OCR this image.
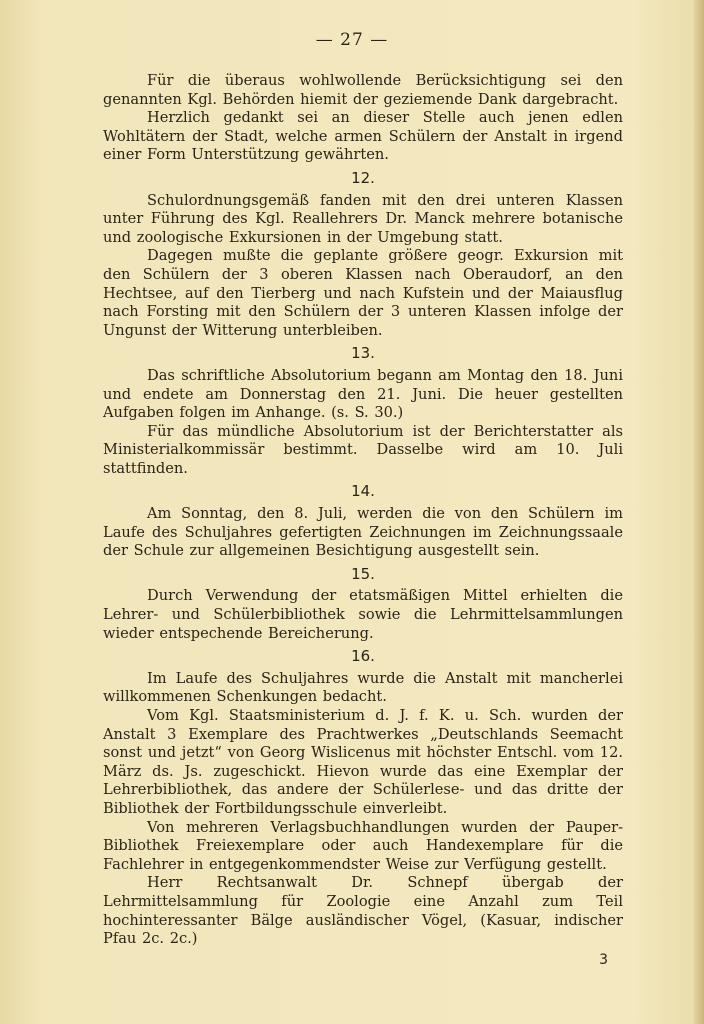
— 27 —

Für die überaus wohlwollende Berücksichtigung sei den genannten Kgl. Behörden hiemit der geziemende Dank dargebracht.

Herzlich gedankt sei an dieser Stelle auch jenen edlen Wohltätern der Stadt, welche armen Schülern der Anstalt in irgend einer Form Unterstützung gewährten.

12.

Schulordnungsgemäß fanden mit den drei unteren Klassen unter Führung des Kgl. Reallehrers Dr. Manck mehrere botanische und zoologische Exkursionen in der Umgebung statt.

Dagegen mußte die geplante größere geogr. Exkursion mit den Schülern der 3 oberen Klassen nach Oberaudorf, an den Hechtsee, auf den Tierberg und nach Kufstein und der Maiausflug nach Forsting mit den Schülern der 3 unteren Klassen infolge der Ungunst der Witterung unterbleiben.

13.

Das schriftliche Absolutorium begann am Montag den 18. Juni und endete am Donnerstag den 21. Juni. Die heuer gestellten Aufgaben folgen im Anhange. (s. S. 30.)

Für das mündliche Absolutorium ist der Berichterstatter als Ministerialkommissär bestimmt. Dasselbe wird am 10. Juli stattfinden.

14.

Am Sonntag, den 8. Juli, werden die von den Schülern im Laufe des Schuljahres gefertigten Zeichnungen im Zeichnungssaale der Schule zur allgemeinen Besichtigung ausgestellt sein.

15.

Durch Verwendung der etatsmäßigen Mittel erhielten die Lehrer- und Schülerbibliothek sowie die Lehrmittelsammlungen wieder entspechende Bereicherung.

16.

Im Laufe des Schuljahres wurde die Anstalt mit mancherlei willkommenen Schenkungen bedacht.

Vom Kgl. Staatsministerium d. J. f. K. u. Sch. wurden der Anstalt 3 Exemplare des Prachtwerkes „Deutschlands Seemacht sonst und jetzt“ von Georg Wislicenus mit höchster Entschl. vom 12. März ds. Js. zugeschickt. Hievon wurde das eine Exemplar der Lehrerbibliothek, das andere der Schülerlese- und das dritte der Bibliothek der Fortbildungsschule einverleibt.

Von mehreren Verlagsbuchhandlungen wurden der Pauper-Bibliothek Freiexemplare oder auch Handexemplare für die Fachlehrer in entgegenkommendster Weise zur Verfügung gestellt.

Herr Rechtsanwalt Dr. Schnepf übergab der Lehrmittelsammlung für Zoologie eine Anzahl zum Teil hochinteressanter Bälge ausländischer Vögel, (Kasuar, indischer Pfau 2c. 2c.)

3
